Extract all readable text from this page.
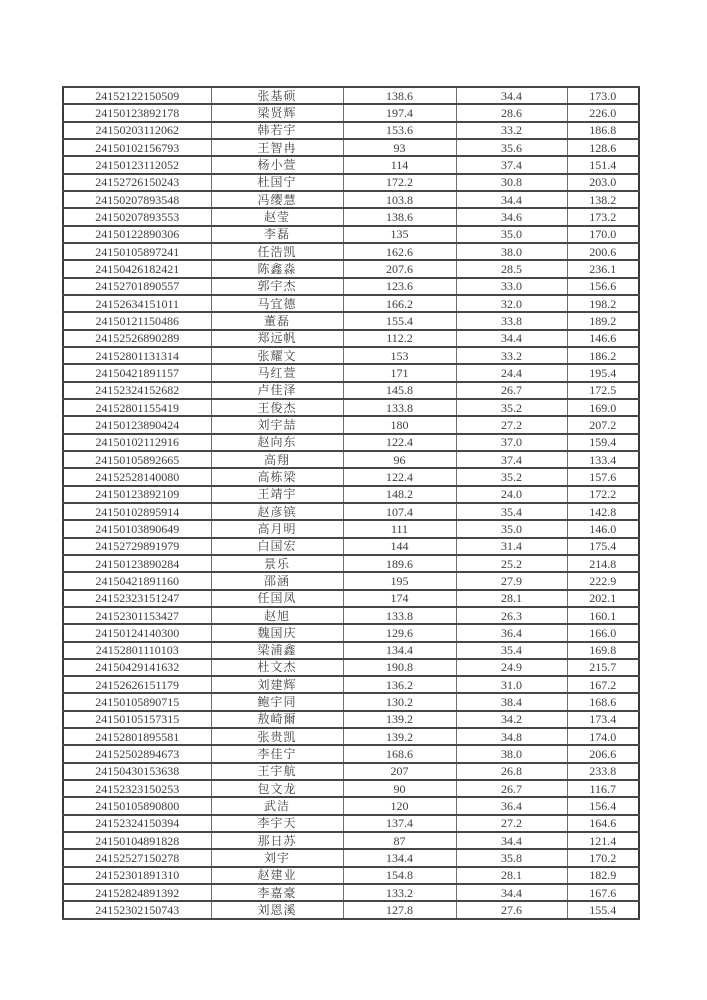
24152122150509	张基硕	138.6	34.4	173.0
24150123892178	梁贤辉	197.4	28.6	226.0
24150203112062	韩若宇	153.6	33.2	186.8
24150102156793	王智冉	93	35.6	128.6
24150123112052	杨小萱	114	37.4	151.4
24152726150243	杜国宁	172.2	30.8	203.0
24150207893548	冯缨慧	103.8	34.4	138.2
24150207893553	赵莹	138.6	34.6	173.2
24150122890306	李磊	135	35.0	170.0
24150105897241	任浩凯	162.6	38.0	200.6
24150426182421	陈鑫淼	207.6	28.5	236.1
24152701890557	郭宇杰	123.6	33.0	156.6
24152634151011	马宜德	166.2	32.0	198.2
24150121150486	董磊	155.4	33.8	189.2
24152526890289	郑远帆	112.2	34.4	146.6
24152801131314	张耀文	153	33.2	186.2
24150421891157	马红萱	171	24.4	195.4
24152324152682	卢佳泽	145.8	26.7	172.5
24152801155419	王俊杰	133.8	35.2	169.0
24150123890424	刘宇喆	180	27.2	207.2
24150102112916	赵向东	122.4	37.0	159.4
24150105892665	高翔	96	37.4	133.4
24152528140080	高栋梁	122.4	35.2	157.6
24150123892109	王靖宇	148.2	24.0	172.2
24150102895914	赵彦镔	107.4	35.4	142.8
24150103890649	高月明	111	35.0	146.0
24152729891979	白国宏	144	31.4	175.4
24150123890284	景乐	189.6	25.2	214.8
24150421891160	邵涵	195	27.9	222.9
24152323151247	任国凤	174	28.1	202.1
24152301153427	赵旭	133.8	26.3	160.1
24150124140300	魏国庆	129.6	36.4	166.0
24152801110103	梁浦鑫	134.4	35.4	169.8
24150429141632	杜文杰	190.8	24.9	215.7
24152626151179	刘建辉	136.2	31.0	167.2
24150105890715	鲍宇同	130.2	38.4	168.6
24150105157315	敖崎爾	139.2	34.2	173.4
24152801895581	张贵凯	139.2	34.8	174.0
24152502894673	李佳宁	168.6	38.0	206.6
24150430153638	王宇航	207	26.8	233.8
24152323150253	包文龙	90	26.7	116.7
24150105890800	武洁	120	36.4	156.4
24152324150394	李宇天	137.4	27.2	164.6
24150104891828	那日苏	87	34.4	121.4
24152527150278	刘宇	134.4	35.8	170.2
24152301891310	赵建业	154.8	28.1	182.9
24152824891392	李嘉豪	133.2	34.4	167.6
24152302150743	刘恩溪	127.8	27.6	155.4
